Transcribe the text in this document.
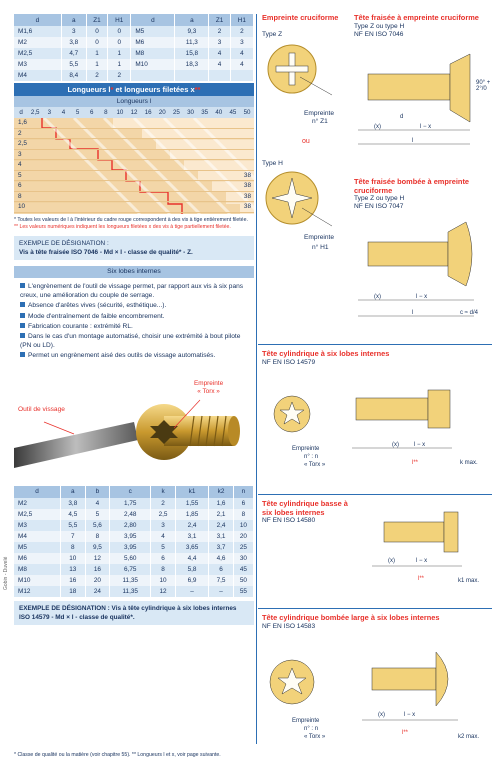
d	a	Z1	H1	d	a	Z1	H1
M1,6	3	0	0	M5	9,3	2	2
M2	3,8	0	0	M6	11,3	3	3
M2,5	4,7	1	1	M8	15,8	4	4
M3	5,5	1	1	M10	18,3	4	4
M4	8,4	2	2				
Longueurs l* et longueurs filetées x**
Longueurs l
d	2,5	3	4	5	6	8	10	12	16	20	25	30	35	40	45	50
1,6
2
2,5
3
4
5	38
6	38
8	38
10	38
* Toutes les valeurs de l à l'intérieur du cadre rouge correspondent à des vis à tige entièrement filetée.
** Les valeurs numériques indiquent les longueurs filetées x des vis à tige partiellement filetée.
EXEMPLE DE DÉSIGNATION :
Vis à tête fraisée ISO 7046 - Md × l - classe de qualité* - Z.
Six lobes internes

L'engrènement de l'outil de vissage permet, par rapport aux vis à six pans creux, une amélioration du couple de serrage.

Absence d'arêtes vives (sécurité, esthétique...).

Mode d'entraînement de faible encombrement.

Fabrication courante : extrémité RL.

Dans le cas d'un montage automatisé, choisir une extrémité à bout pilote (PN ou LD).

Permet un engrènement aisé des outils de vissage automatisés.

Empreinte
« Torx »
Outil de vissage
d	a	b	c	k	k1	k2	n
M2	3,8	4	1,75	2	1,55	1,6	6
M2,5	4,5	5	2,48	2,5	1,85	2,1	8
M3	5,5	5,6	2,80	3	2,4	2,4	10
M4	7	8	3,95	4	3,1	3,1	20
M5	8	9,5	3,95	5	3,65	3,7	25
M6	10	12	5,60	6	4,4	4,6	30
M8	13	16	6,75	8	5,8	6	45
M10	16	20	11,35	10	6,9	7,5	50
M12	18	24	11,35	12	–	–	55
EXEMPLE DE DÉSIGNATION : Vis à tête cylindrique à six lobes internes ISO 14579 - Md × l - classe de qualité*.
Empreinte cruciforme
Type Z
Empreinte
n° Z1
ou
Type H
Empreinte
n° H1
Tête fraisée à empreinte cruciforme
Type Z ou type H
NF EN ISO 7046
d
90° + 2°/0
(x)	l − x
l
Tête fraisée bombée à empreinte cruciforme
Type Z ou type H
NF EN ISO 7047
(x)	l − x
l	c ≈ d/4
Tête cylindrique à six lobes internes
NF EN ISO 14579
Empreinte
n° : n
« Torx »
(x)	l − x
l**	k max.
Tête cylindrique basse à six lobes internes
NF EN ISO 14580
(x)	l − x
l**	k1 max.
Tête cylindrique bombée large à six lobes internes
NF EN ISO 14583
Empreinte
n° : n
« Torx »
(x)	l − x
l**
k2 max.
Gobin - Duvelé
* Classe de qualité ou la matière (voir chapitre 55). ** Longueurs l et x, voir page suivante.
